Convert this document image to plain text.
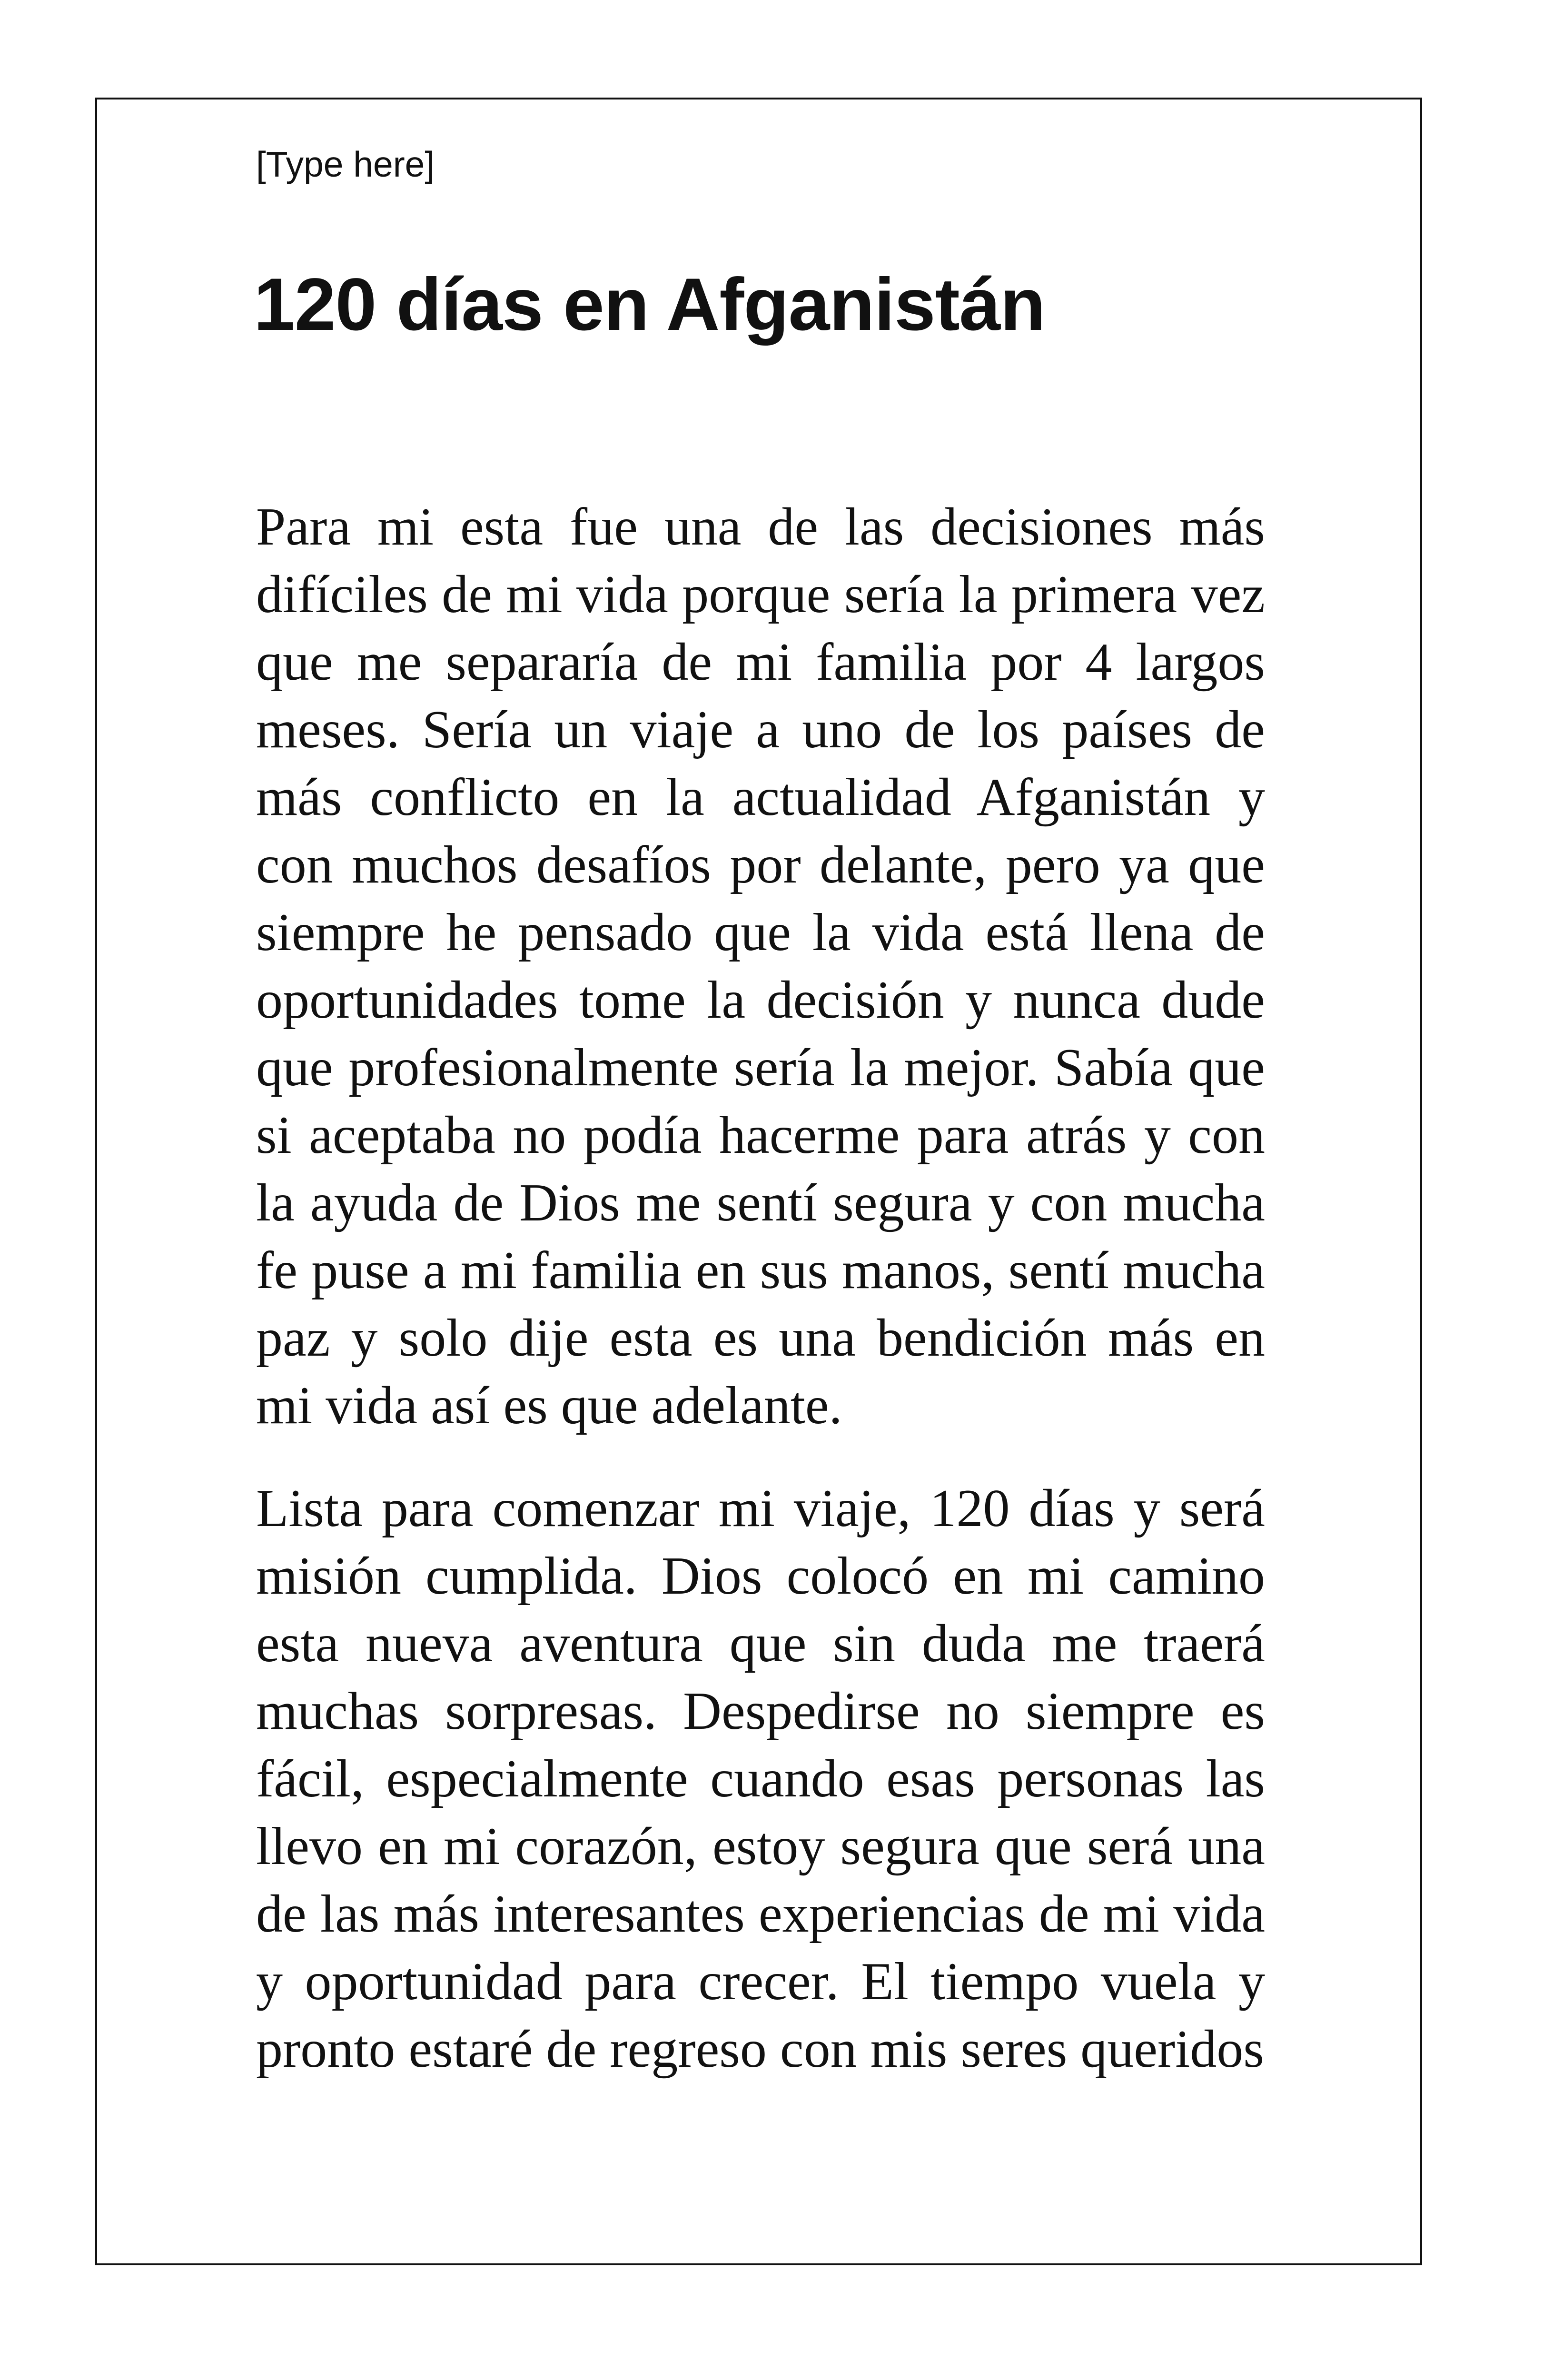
[Type here]

120 días en Afganistán

Para mi esta fue una de las decisiones más difíciles de mi vida porque sería la primera vez que me separaría de mi familia por 4 largos meses. Sería un viaje a uno de los países de más conflicto en la actualidad Afganistán y con muchos desafíos por delante, pero ya que siempre he pensado que la vida está llena de oportunidades tome la decisión y nunca dude que profesionalmente sería la mejor. Sabía que si aceptaba no podía hacerme para atrás y con la ayuda de Dios me sentí segura y con mucha fe puse a mi familia en sus manos, sentí mucha paz y solo dije esta es una bendición más en mi vida así es que adelante.

Lista para comenzar mi viaje, 120 días y será misión cumplida. Dios colocó en mi camino esta nueva aventura que sin duda me traerá muchas sorpresas. Despedirse no siempre es fácil, especialmente cuando esas personas las llevo en mi corazón, estoy segura que será una de las más interesantes experiencias de mi vida y oportunidad para crecer. El tiempo vuela y pronto estaré de regreso con mis seres queridos
